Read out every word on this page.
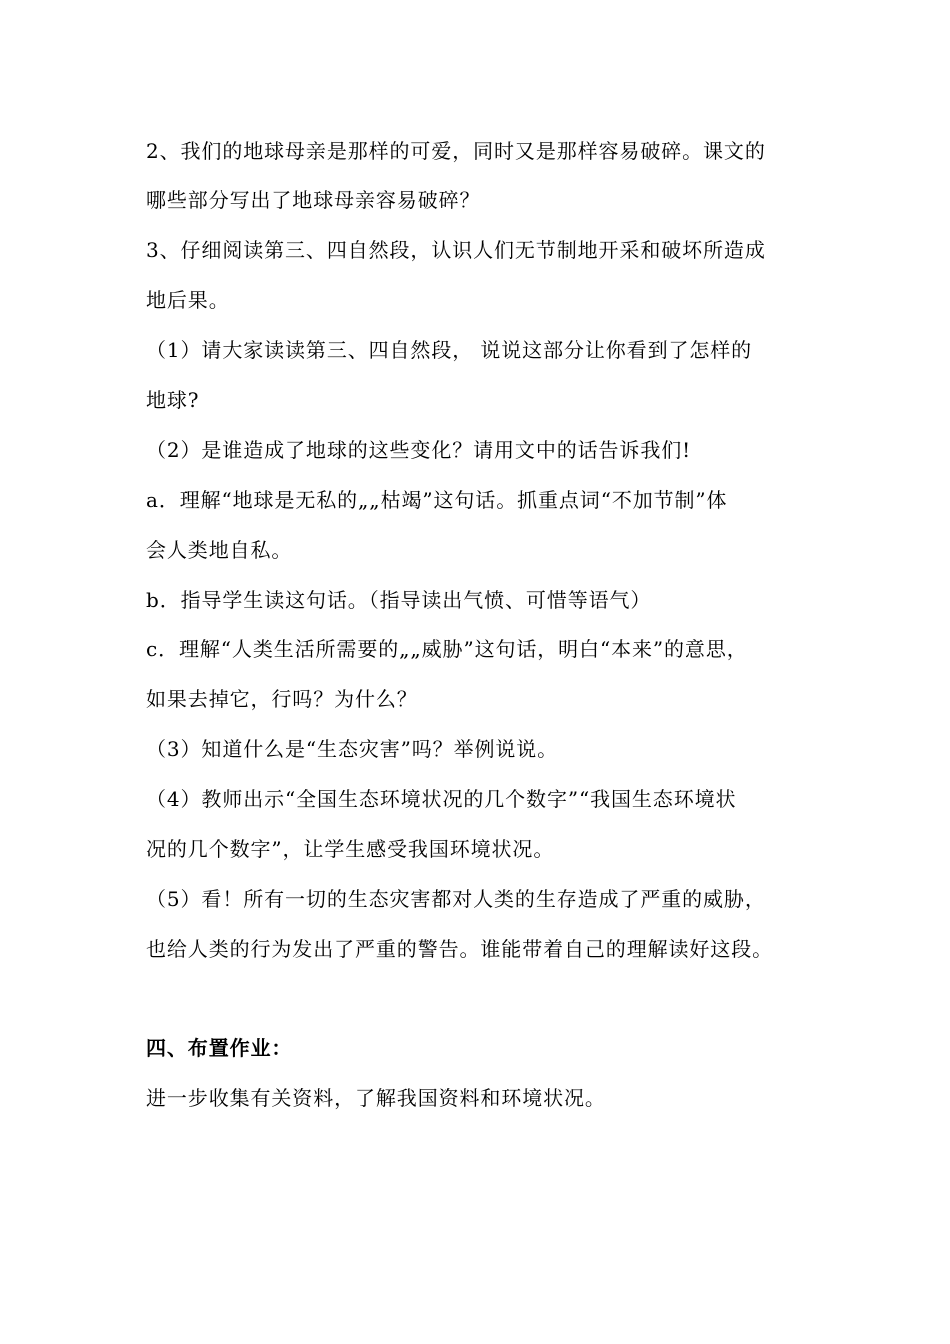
2、我们的地球母亲是那样的可爱，同时又是那样容易破碎。课文的
哪些部分写出了地球母亲容易破碎？
3、仔细阅读第三、四自然段，认识人们无节制地开采和破坏所造成
地后果。
（1）请大家读读第三、四自然段， 说说这部分让你看到了怎样的
地球?
（2）是谁造成了地球的这些变化？请用文中的话告诉我们!
a．理解“地球是无私的„„枯竭”这句话。抓重点词“不加节制”体
会人类地自私。
b．指导学生读这句话。（指导读出气愤、可惜等语气）
c．理解“人类生活所需要的„„威胁”这句话，明白“本来”的意思，
如果去掉它，行吗？为什么？
（3）知道什么是“生态灾害”吗？举例说说。
（4）教师出示“全国生态环境状况的几个数字”“我国生态环境状
况的几个数字”，让学生感受我国环境状况。
（5）看！所有一切的生态灾害都对人类的生存造成了严重的威胁，
也给人类的行为发出了严重的警告。谁能带着自己的理解读好这段。
四、布置作业：
进一步收集有关资料，了解我国资料和环境状况。
